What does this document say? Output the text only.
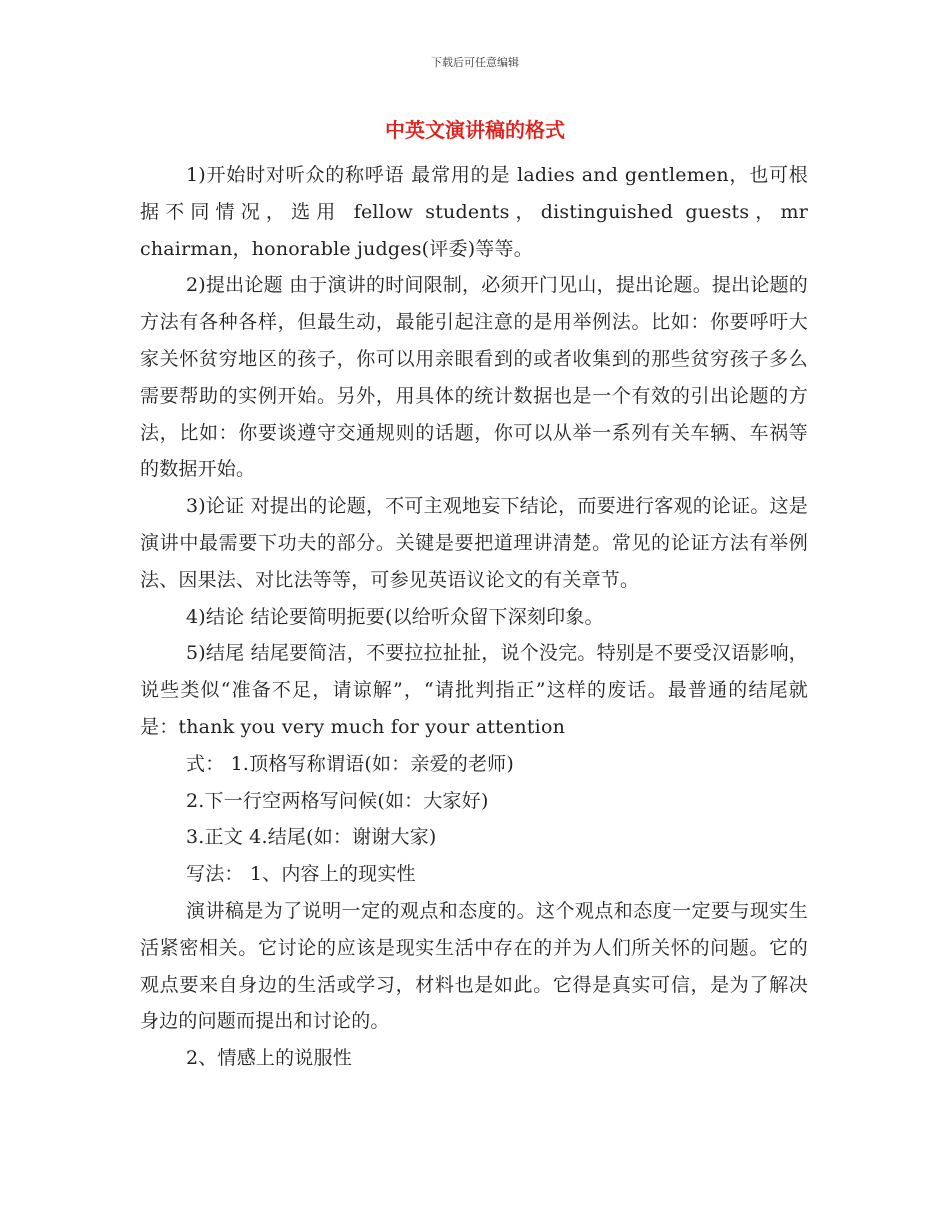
下载后可任意编辑
中英文演讲稿的格式

1)开始时对听众的称呼语 最常用的是 ladies and gentlemen，也可根据不同情况，选用 fellow students，distinguished guests，mr chairman，honorable judges(评委)等等。

2)提出论题 由于演讲的时间限制，必须开门见山，提出论题。提出论题的方法有各种各样，但最生动，最能引起注意的是用举例法。比如：你要呼吁大家关怀贫穷地区的孩子，你可以用亲眼看到的或者收集到的那些贫穷孩子多么需要帮助的实例开始。另外，用具体的统计数据也是一个有效的引出论题的方法，比如：你要谈遵守交通规则的话题，你可以从举一系列有关车辆、车祸等的数据开始。

3)论证 对提出的论题，不可主观地妄下结论，而要进行客观的论证。这是演讲中最需要下功夫的部分。关键是要把道理讲清楚。常见的论证方法有举例法、因果法、对比法等等，可参见英语议论文的有关章节。

4)结论 结论要简明扼要(以给听众留下深刻印象。

5)结尾 结尾要简洁，不要拉拉扯扯，说个没完。特别是不要受汉语影响，说些类似“准备不足，请谅解”，“请批判指正”这样的废话。最普通的结尾就是：thank you very much for your attention

式： 1.顶格写称谓语(如：亲爱的老师)

2.下一行空两格写问候(如：大家好)

3.正文 4.结尾(如：谢谢大家)

写法： 1、内容上的现实性

演讲稿是为了说明一定的观点和态度的。这个观点和态度一定要与现实生活紧密相关。它讨论的应该是现实生活中存在的并为人们所关怀的问题。它的观点要来自身边的生活或学习，材料也是如此。它得是真实可信，是为了解决身边的问题而提出和讨论的。

2、情感上的说服性
